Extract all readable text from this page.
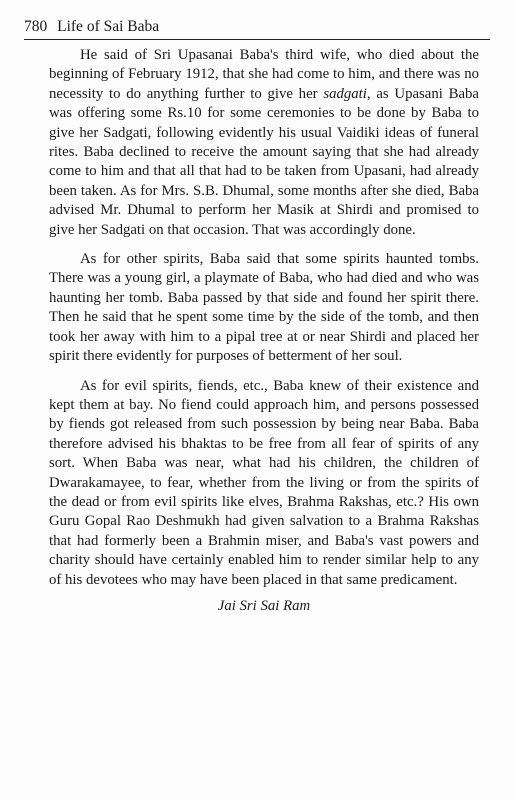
780 Life of Sai Baba

He said of Sri Upasanai Baba's third wife, who died about the beginning of February 1912, that she had come to him, and there was no necessity to do anything further to give her sadgati, as Upasani Baba was offering some Rs.10 for some ceremonies to be done by Baba to give her Sadgati, following evidently his usual Vaidiki ideas of funeral rites. Baba declined to receive the amount saying that she had already come to him and that all that had to be taken from Upasani, had already been taken. As for Mrs. S.B. Dhumal, some months after she died, Baba advised Mr. Dhumal to perform her Masik at Shirdi and promised to give her Sadgati on that occasion. That was accordingly done.

As for other spirits, Baba said that some spirits haunted tombs. There was a young girl, a playmate of Baba, who had died and who was haunting her tomb. Baba passed by that side and found her spirit there. Then he said that he spent some time by the side of the tomb, and then took her away with him to a pipal tree at or near Shirdi and placed her spirit there evidently for purposes of betterment of her soul.

As for evil spirits, fiends, etc., Baba knew of their existence and kept them at bay. No fiend could approach him, and persons possessed by fiends got released from such possession by being near Baba. Baba therefore advised his bhaktas to be free from all fear of spirits of any sort. When Baba was near, what had his children, the children of Dwarakamayee, to fear, whether from the living or from the spirits of the dead or from evil spirits like elves, Brahma Rakshas, etc.? His own Guru Gopal Rao Deshmukh had given salvation to a Brahma Rakshas that had formerly been a Brahmin miser, and Baba's vast powers and charity should have certainly enabled him to render similar help to any of his devotees who may have been placed in that same predicament.

Jai Sri Sai Ram
